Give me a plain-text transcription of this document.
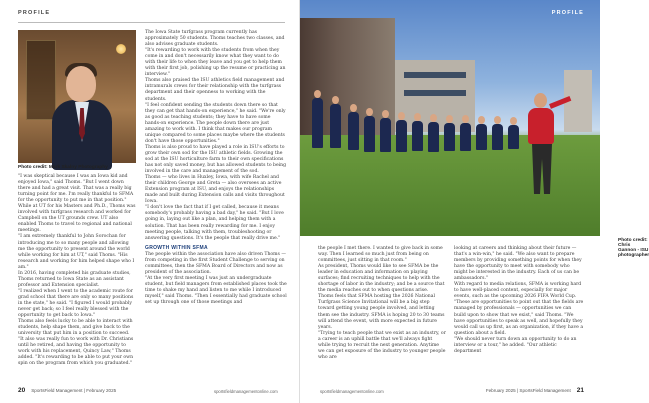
PROFILE
Photo credit: Mark Skalny Photography

"I was skeptical because I was an Iowa kid and enjoyed Iowa," said Thoms. "But I went down there and had a great visit. That was a really big turning point for me. I'm really thankful to SFMA for the opportunity to put me in that position."

While at UT for his Masters and Ph.D., Thoms was involved with turfgrass research and worked for Campbell on the UT grounds crew. UT also enabled Thoms to travel to regional and national meetings.

"I am extremely thankful to John Sorochan for introducing me to so many people and allowing me the opportunity to present around the world while working for him at UT," said Thoms. "His research and working for him helped shape who I am."

In 2016, having completed his graduate studies, Thoms returned to Iowa State as an assistant professor and Extension specialist.

"I realized when I went to the academic route for grad school that there are only so many positions in the state," he said. "I figured I would probably never get back; so I feel really blessed with the opportunity to get back to Iowa."

Thoms also feels lucky to be able to interact with students, help shape them, and give back to the university that put him in a position to succeed.

"It also was really fun to work with Dr. Christians until he retired, and having the opportunity to work with his replacement, Quincy Law," Thoms added. "It's rewarding to be able to put your own spin on the program from which you graduated."

The Iowa State turfgrass program currently has approximately 50 students. Thoms teaches two classes, and also advises graduate students.

"It's rewarding to work with the students from when they come in and don't necessarily know what they want to do with their life to when they leave and you get to help them with their first job, polishing up the resume or practicing an interview."

Thoms also praised the ISU athletics field management and intramurals crews for their relationship with the turfgrass department and their openness to working with the students.

"I feel confident sending the students down there so that they can get that hands-on experience," he said. "We're only as good as teaching students; they have to have some hands-on experience. The people down there are just amazing to work with. I think that makes our program unique compared to some places maybe where the students don't have those opportunities."

Thoms is also proud to have played a role in ISU's efforts to grow their own sod for the ISU athletic fields. Growing the sod at the ISU horticulture farm to their own specifications has not only saved money, but has allowed students to being involved in the care and management of the sod.

Thoms — who lives in Huxley, Iowa, with wife Rachel and their children George and Greta — also oversees an active Extension program at ISU, and enjoys the relationships made and built during Extension calls and visits throughout Iowa.

"I don't love the fact that if I get called, because it means somebody's probably having a bad day," he said. "But I love going in, laying out like a plan, and helping them with a solution. That has been really rewarding for me. I enjoy meeting people, talking with them, troubleshooting or answering questions. It's the people that really drive me."

GROWTH WITHIN SFMA

The people within the association have also driven Thoms — from competing in the first Student Challenge to serving on committees, then the SFMA Board of Directors and now as president of the association.

"At the very first meeting I was just an undergraduate student, but field managers from established places took the time to shake my hand and listen to me while I introduced myself," said Thoms. "Then I essentially had graduate school set up through one of those meetings and

20 SportsField Management | February 2025	sportsfieldmanagementonline.com
PROFILE
Photo credit: Chris Gannon - ISU photographer

the people I met there. I wanted to give back in some way. Then I learned so much just from being on committees, just sitting in that room."

As president, Thoms would like to see SFMA be the leader in education and information on playing surfaces; find recruiting techniques to help with the shortage of labor in the industry; and be a source that the media reaches out to when questions arise.

Thoms feels that SFMA hosting the 2026 National Turfgrass Science Invitational will be a big step toward getting young people involved, and letting them see the industry. SFMA is hoping 20 to 30 teams will attend the event, with more expected in future years.

"Trying to teach people that we exist as an industry, or a career is an uphill battle that we'll always fight while trying to recruit the next generation. Anytime we can get exposure of the industry to younger people who are

looking at careers and thinking about their future — that's a win-win," he said. "We also want to prepare members by providing something points for when they have the opportunity to meet with somebody who might be interested in the industry. Each of us can be ambassadors."

With regard to media relations, SFMA is working hard to have well-placed content, especially for major events, such as the upcoming 2026 FIFA World Cup.

"These are opportunities to point out that the fields are managed by professionals — opportunities we can build upon to show that we exist," said Thoms. "We have opportunities to speak as well, and hopefully they would call us up first, as an organization, if they have a question about a field.

"We should never turn down an opportunity to do an interview or a tour," he added. "Our athletic department

sportsfieldmanagementonline.com	February 2025 | SportsField Management 21
